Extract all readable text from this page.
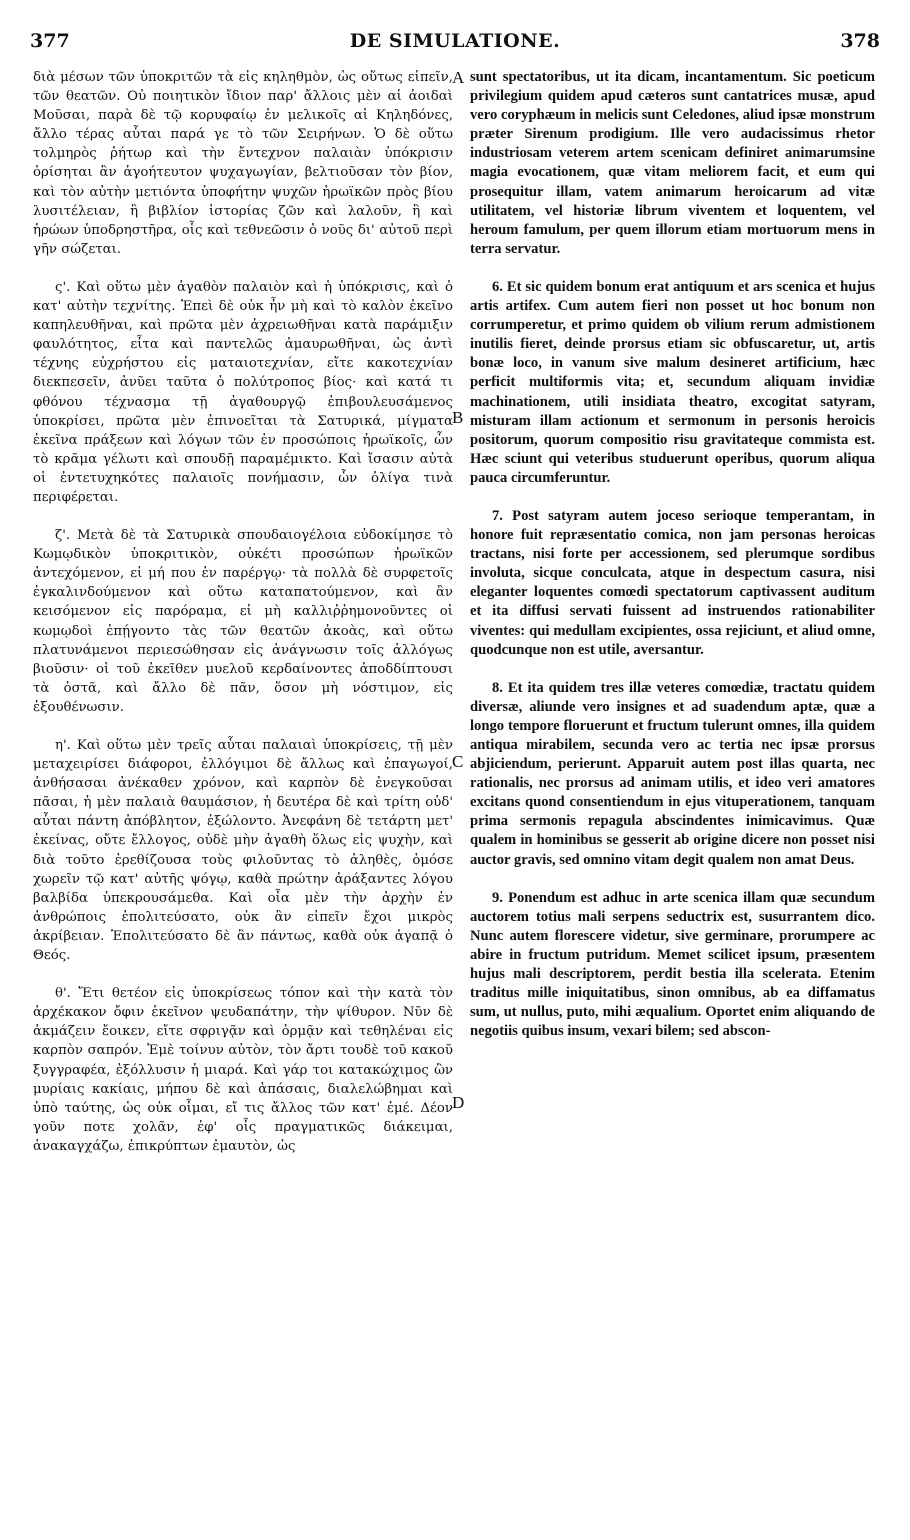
377	DE SIMULATIONE.	378

διὰ μέσων τῶν ὑποκριτῶν τὰ εἰς κηληθμὸν, ὡς οὕτως εἰπεῖν, τῶν θεατῶν. Οὐ ποιητικὸν ἴδιον παρ' ἄλλοις μὲν αἱ ἀοιδαὶ Μοῦσαι, παρὰ δὲ τῷ κορυφαίῳ ἐν μελικοῖς αἱ Κηληδόνες, ἄλλο τέρας αὗται παρά γε τὸ τῶν Σειρήνων. Ὁ δὲ οὕτω τολμηρὸς ῥήτωρ καὶ τὴν ἔντεχνον παλαιὰν ὑπόκρισιν ὁρίσηται ἂν ἀγοήτευτον ψυχαγωγίαν, βελτιοῦσαν τὸν βίον, καὶ τὸν αὐτὴν μετιόντα ὑποφήτην ψυχῶν ἡρωϊκῶν πρὸς βίου λυσιτέλειαν, ἢ βιβλίον ἱστορίας ζῶν καὶ λαλοῦν, ἢ καὶ ἡρώων ὑποδρηστῆρα, οἷς καὶ τεθνεῶσιν ὁ νοῦς δι' αὐτοῦ περὶ γῆν σώζεται.

ς'. Καὶ οὕτω μὲν ἀγαθὸν παλαιὸν καὶ ἡ ὑπόκρισις, καὶ ὁ κατ' αὐτὴν τεχνίτης. Ἐπεὶ δὲ οὐκ ἦν μὴ καὶ τὸ καλὸν ἐκεῖνο καπηλευθῆναι, καὶ πρῶτα μὲν ἀχρειωθῆναι κατὰ παράμιξιν φαυλότητος, εἶτα καὶ παντελῶς ἀμαυρωθῆναι, ὡς ἀντὶ τέχνης εὐχρήστου εἰς ματαιοτεχνίαν, εἴτε κακοτεχνίαν διεκπεσεῖν, ἀνῦει ταῦτα ὁ πολύτροπος βίος· καὶ κατά τι φθόνου τέχνασμα τῇ ἀγαθουργῷ ἐπιβουλευσάμενος ὑποκρίσει, πρῶτα μὲν ἐπινοεῖται τὰ Σατυρικά, μίγματα ἐκεῖνα πράξεων καὶ λόγων τῶν ἐν προσώποις ἡρωϊκοῖς, ὧν τὸ κρᾶμα γέλωτι καὶ σπουδῇ παραμέμικτο. Καὶ ἴσασιν αὐτὰ οἱ ἐντετυχηκότες παλαιοῖς πονήμασιν, ὧν ὀλίγα τινὰ περιφέρεται.

ζ'. Μετὰ δὲ τὰ Σατυρικὰ σπουδαιογέλοια εὐδοκίμησε τὸ Κωμῳδικὸν ὑποκριτικὸν, οὐκέτι προσώπων ἡρωϊκῶν ἀντεχόμενον, εἰ μή που ἐν παρέργῳ· τὰ πολλὰ δὲ συρφετοῖς ἐγκαλινδούμενον καὶ οὕτω καταπατούμενον, καὶ ἂν κεισόμενον εἰς παρόραμα, εἰ μὴ καλλιῤῥημονοῦντες οἱ κωμῳδοὶ ἐπῄγοντο τὰς τῶν θεατῶν ἀκοὰς, καὶ οὕτω πλατυνάμενοι περιεσώθησαν εἰς ἀνάγνωσιν τοῖς ἀλλόγως βιοῦσιν· οἱ τοῦ ἐκεῖθεν μυελοῦ κερδαίνοντες ἀποδδίπτουσι τὰ ὀστᾶ, καὶ ἄλλο δὲ πᾶν, ὅσον μὴ νόστιμον, εἰς ἐξουθένωσιν.

η'. Καὶ οὕτω μὲν τρεῖς αὗται παλαιαὶ ὑποκρίσεις, τῇ μὲν μεταχειρίσει διάφοροι, ἐλλόγιμοι δὲ ἄλλως καὶ ἐπαγωγοί, ἀνθήσασαι ἀνέκαθεν χρόνον, καὶ καρπὸν δὲ ἐνεγκοῦσαι πᾶσαι, ἡ μὲν παλαιὰ θαυμάσιον, ἡ δευτέρα δὲ καὶ τρίτη οὐδ' αὗται πάντη ἀπόβλητον, ἐξώλοντο. Ἀνεφάνη δὲ τετάρτη μετ' ἐκείνας, οὔτε ἔλλογος, οὐδὲ μὴν ἀγαθὴ ὅλως εἰς ψυχὴν, καὶ διὰ τοῦτο ἐρεθίζουσα τοὺς φιλοῦντας τὸ ἀληθὲς, ὁμόσε χωρεῖν τῷ κατ' αὐτῆς ψόγῳ, καθὰ πρώτην ἀράξαντες λόγου βαλβίδα ὑπεκρουσάμεθα. Καὶ οἷα μὲν τὴν ἀρχὴν ἐν ἀνθρώποις ἐπολιτεύσατο, οὐκ ἂν εἰπεῖν ἔχοι μικρὸς ἀκρίβειαν. Ἐπολιτεύσατο δὲ ἂν πάντως, καθὰ οὐκ ἀγαπᾷ ὁ Θεός.

θ'. Ἔτι θετέον εἰς ὑποκρίσεως τόπον καὶ τὴν κατὰ τὸν ἀρχέκακον ὄφιν ἐκεῖνον ψευδαπάτην, τὴν ψίθυρον. Νῦν δὲ ἀκμάζειν ἔοικεν, εἴτε σφριγᾷν καὶ ὁρμᾷν καὶ τεθηλέναι εἰς καρπὸν σαπρόν. Ἐμὲ τοίνυν αὐτὸν, τὸν ἄρτι τουδὲ τοῦ κακοῦ ξυγγραφέα, ἐξόλλυσιν ἡ μιαρά. Καὶ γάρ τοι κατακώχιμος ὢν μυρίαις κακίαις, μήπου δὲ καὶ ἁπάσαις, διαλελώβημαι καὶ ὑπὸ ταύτης, ὡς οὐκ οἶμαι, εἴ τις ἄλλος τῶν κατ' ἐμέ. Δέον γοῦν ποτε χολᾶν, ἐφ' οἷς πραγματικῶς διάκειμαι, ἀνακαγχάζω, ἐπικρύπτων ἐμαυτὸν, ὡς

A
B
C
D

sunt spectatoribus, ut ita dicam, incantamentum. Sic poeticum privilegium quidem apud cæteros sunt cantatrices musæ, apud vero coryphæum in melicis sunt Celedones, aliud ipsæ monstrum præter Sirenum prodigium. Ille vero audacissimus rhetor industriosam veterem artem scenicam definiret animarumsine magia evocationem, quæ vitam meliorem facit, et eum qui prosequitur illam, vatem animarum heroicarum ad vitæ utilitatem, vel historiæ librum viventem et loquentem, vel heroum famulum, per quem illorum etiam mortuorum mens in terra servatur.

6. Et sic quidem bonum erat antiquum et ars scenica et hujus artis artifex. Cum autem fieri non posset ut hoc bonum non corrumperetur, et primo quidem ob vilium rerum admistionem inutilis fieret, deinde prorsus etiam sic obfuscaretur, ut, artis bonæ loco, in vanum sive malum desineret artificium, hæc perficit multiformis vita; et, secundum aliquam invidiæ machinationem, utili insidiata theatro, excogitat satyram, misturam illam actionum et sermonum in personis heroicis positorum, quorum compositio risu gravitateque commista est. Hæc sciunt qui veteribus studuerunt operibus, quorum aliqua pauca circumferuntur.

7. Post satyram autem joceso serioque temperantam, in honore fuit repræsentatio comica, non jam personas heroicas tractans, nisi forte per accessionem, sed plerumque sordibus involuta, sicque conculcata, atque in despectum casura, nisi eleganter loquentes comœdi spectatorum captivassent auditum et ita diffusi servati fuissent ad instruendos rationabiliter viventes: qui medullam excipientes, ossa rejiciunt, et aliud omne, quodcunque non est utile, aversantur.

8. Et ita quidem tres illæ veteres comœdiæ, tractatu quidem diversæ, aliunde vero insignes et ad suadendum aptæ, quæ a longo tempore floruerunt et fructum tulerunt omnes, illa quidem antiqua mirabilem, secunda vero ac tertia nec ipsæ prorsus abjiciendum, perierunt. Apparuit autem post illas quarta, nec rationalis, nec prorsus ad animam utilis, et ideo veri amatores excitans quond consentiendum in ejus vituperationem, tanquam prima sermonis repagula abscindentes inimicavimus. Quæ qualem in hominibus se gesserit ab origine dicere non posset nisi auctor gravis, sed omnino vitam degit qualem non amat Deus.

9. Ponendum est adhuc in arte scenica illam quæ secundum auctorem totius mali serpens seductrix est, susurrantem dico. Nunc autem florescere videtur, sive germinare, prorumpere ac abire in fructum putridum. Memet scilicet ipsum, præsentem hujus mali descriptorem, perdit bestia illa scelerata. Etenim traditus mille iniquitatibus, sinon omnibus, ab ea diffamatus sum, ut nullus, puto, mihi æqualium. Oportet enim aliquando de negotiis quibus insum, vexari bilem; sed abscon-
